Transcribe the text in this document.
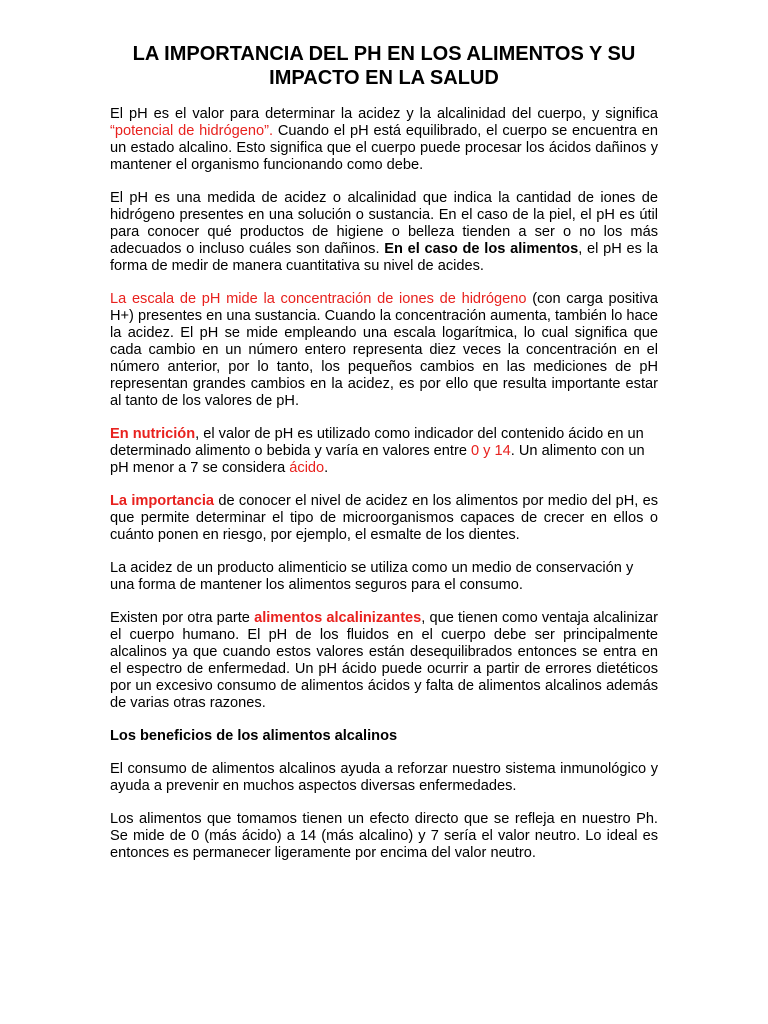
LA IMPORTANCIA DEL PH EN LOS ALIMENTOS Y SU IMPACTO EN LA SALUD

El pH es el valor para determinar la acidez y la alcalinidad del cuerpo, y significa “potencial de hidrógeno”. Cuando el pH está equilibrado, el cuerpo se encuentra en un estado alcalino. Esto significa que el cuerpo puede procesar los ácidos dañinos y mantener el organismo funcionando como debe.

El pH es una medida de acidez o alcalinidad que indica la cantidad de iones de hidrógeno presentes en una solución o sustancia. En el caso de la piel, el pH es útil para conocer qué productos de higiene o belleza tienden a ser o no los más adecuados o incluso cuáles son dañinos. En el caso de los alimentos, el pH es la forma de medir de manera cuantitativa su nivel de acides.

La escala de pH mide la concentración de iones de hidrógeno (con carga positiva H+) presentes en una sustancia. Cuando la concentración aumenta, también lo hace la acidez. El pH se mide empleando una escala logarítmica, lo cual significa que cada cambio en un número entero representa diez veces la concentración en el número anterior, por lo tanto, los pequeños cambios en las mediciones de pH representan grandes cambios en la acidez, es por ello que resulta importante estar al tanto de los valores de pH.

En nutrición, el valor de pH es utilizado como indicador del contenido ácido en un determinado alimento o bebida y varía en valores entre 0 y 14. Un alimento con un pH menor a 7 se considera ácido.

La importancia de conocer el nivel de acidez en los alimentos por medio del pH, es que permite determinar el tipo de microorganismos capaces de crecer en ellos o cuánto ponen en riesgo, por ejemplo, el esmalte de los dientes.

La acidez de un producto alimenticio se utiliza como un medio de conservación y una forma de mantener los alimentos seguros para el consumo.

Existen por otra parte alimentos alcalinizantes, que tienen como ventaja alcalinizar el cuerpo humano. El pH de los fluidos en el cuerpo debe ser principalmente alcalinos ya que cuando estos valores están desequilibrados entonces se entra en el espectro de enfermedad. Un pH ácido puede ocurrir a partir de errores dietéticos por un excesivo consumo de alimentos ácidos y falta de alimentos alcalinos además de varias otras razones.

Los beneficios de los alimentos alcalinos

El consumo de alimentos alcalinos ayuda a reforzar nuestro sistema inmunológico y ayuda a prevenir en muchos aspectos diversas enfermedades.

Los alimentos que tomamos tienen un efecto directo que se refleja en nuestro Ph. Se mide de 0 (más ácido) a 14 (más alcalino) y 7 sería el valor neutro. Lo ideal es entonces es permanecer ligeramente por encima del valor neutro.
